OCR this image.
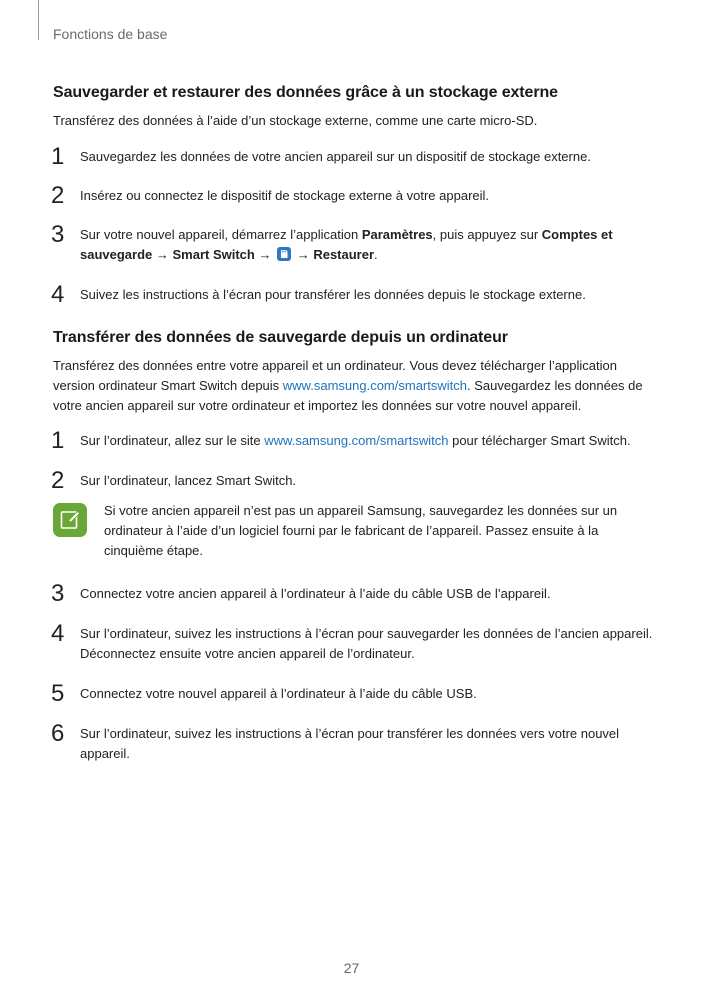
Fonctions de base
Sauvegarder et restaurer des données grâce à un stockage externe

Transférez des données à l’aide d’un stockage externe, comme une carte micro-SD.

1 Sauvegardez les données de votre ancien appareil sur un dispositif de stockage externe.
2 Insérez ou connectez le dispositif de stockage externe à votre appareil.
3 Sur votre nouvel appareil, démarrez l’application Paramètres, puis appuyez sur Comptes et sauvegarde → Smart Switch →
→ Restaurer.
4 Suivez les instructions à l’écran pour transférer les données depuis le stockage externe.
Transférer des données de sauvegarde depuis un ordinateur

Transférez des données entre votre appareil et un ordinateur. Vous devez télécharger l’application version ordinateur Smart Switch depuis www.samsung.com/smartswitch. Sauvegardez les données de votre ancien appareil sur votre ordinateur et importez les données sur votre nouvel appareil.

1 Sur l’ordinateur, allez sur le site www.samsung.com/smartswitch pour télécharger Smart Switch.
2 Sur l’ordinateur, lancez Smart Switch.
Si votre ancien appareil n’est pas un appareil Samsung, sauvegardez les données sur un ordinateur à l’aide d’un logiciel fourni par le fabricant de l’appareil. Passez ensuite à la cinquième étape.
3 Connectez votre ancien appareil à l’ordinateur à l’aide du câble USB de l’appareil.
4 Sur l’ordinateur, suivez les instructions à l’écran pour sauvegarder les données de l’ancien appareil. Déconnectez ensuite votre ancien appareil de l’ordinateur.
5 Connectez votre nouvel appareil à l’ordinateur à l’aide du câble USB.
6 Sur l’ordinateur, suivez les instructions à l’écran pour transférer les données vers votre nouvel appareil.
27
